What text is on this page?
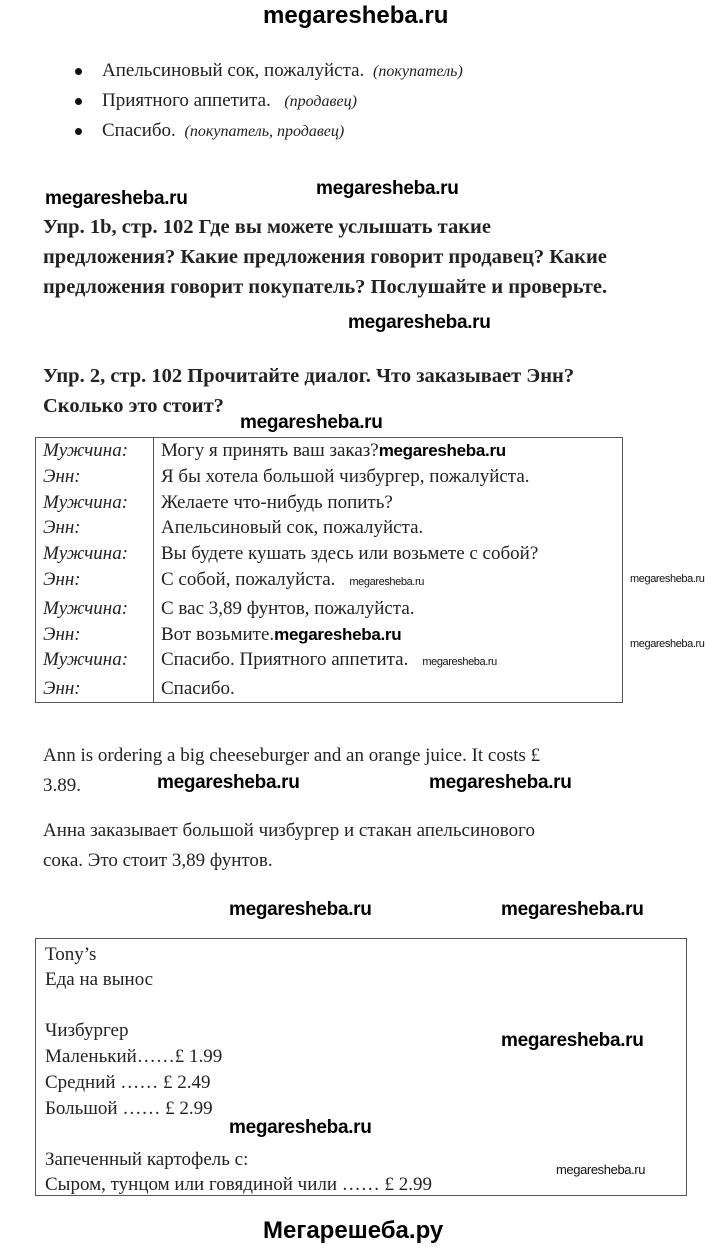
megaresheba.ru
Апельсиновый сок, пожалуйста. (покупатель)
Приятного аппетита. (продавец)
Спасибо. (покупатель, продавец)
megaresheba.ru
megaresheba.ru
Упр. 1b, стр. 102 Где вы можете услышать такие
предложения? Какие предложения говорит продавец? Какие
предложения говорит покупатель? Послушайте и проверьте.
megaresheba.ru
Упр. 2, стр. 102 Прочитайте диалог. Что заказывает Энн?
Сколько это стоит?
megaresheba.ru
Мужчина:	Могу я принять ваш заказ?megaresheba.ru
Энн:	Я бы хотела большой чизбургер, пожалуйста.
Мужчина:	Желаете что-нибудь попить?
Энн:	Апельсиновый сок, пожалуйста.
Мужчина:	Вы будете кушать здесь или возьмете с собой?
Энн:	С собой, пожалуйста. megaresheba.ru
Мужчина:	С вас 3,89 фунтов, пожалуйста.
Энн:	Вот возьмите.megaresheba.ru
Мужчина:	Спасибо. Приятного аппетита. megaresheba.ru
Энн:	Спасибо.
megaresheba.ru
megaresheba.ru
Ann is ordering a big cheeseburger and an orange juice. It costs £
3.89.	megaresheba.ru	megaresheba.ru
Анна заказывает большой чизбургер и стакан апельсинового
сока. Это стоит 3,89 фунтов.
megaresheba.ru	megaresheba.ru
Tony’s
Еда на вынос
Чизбургер
Маленький……£ 1.99
Средний …… £ 2.49
Большой …… £ 2.99
Запеченный картофель с:
Сыром, тунцом или говядиной чили …… £ 2.99
megaresheba.ru
megaresheba.ru
megaresheba.ru
Мегарешеба.ру
